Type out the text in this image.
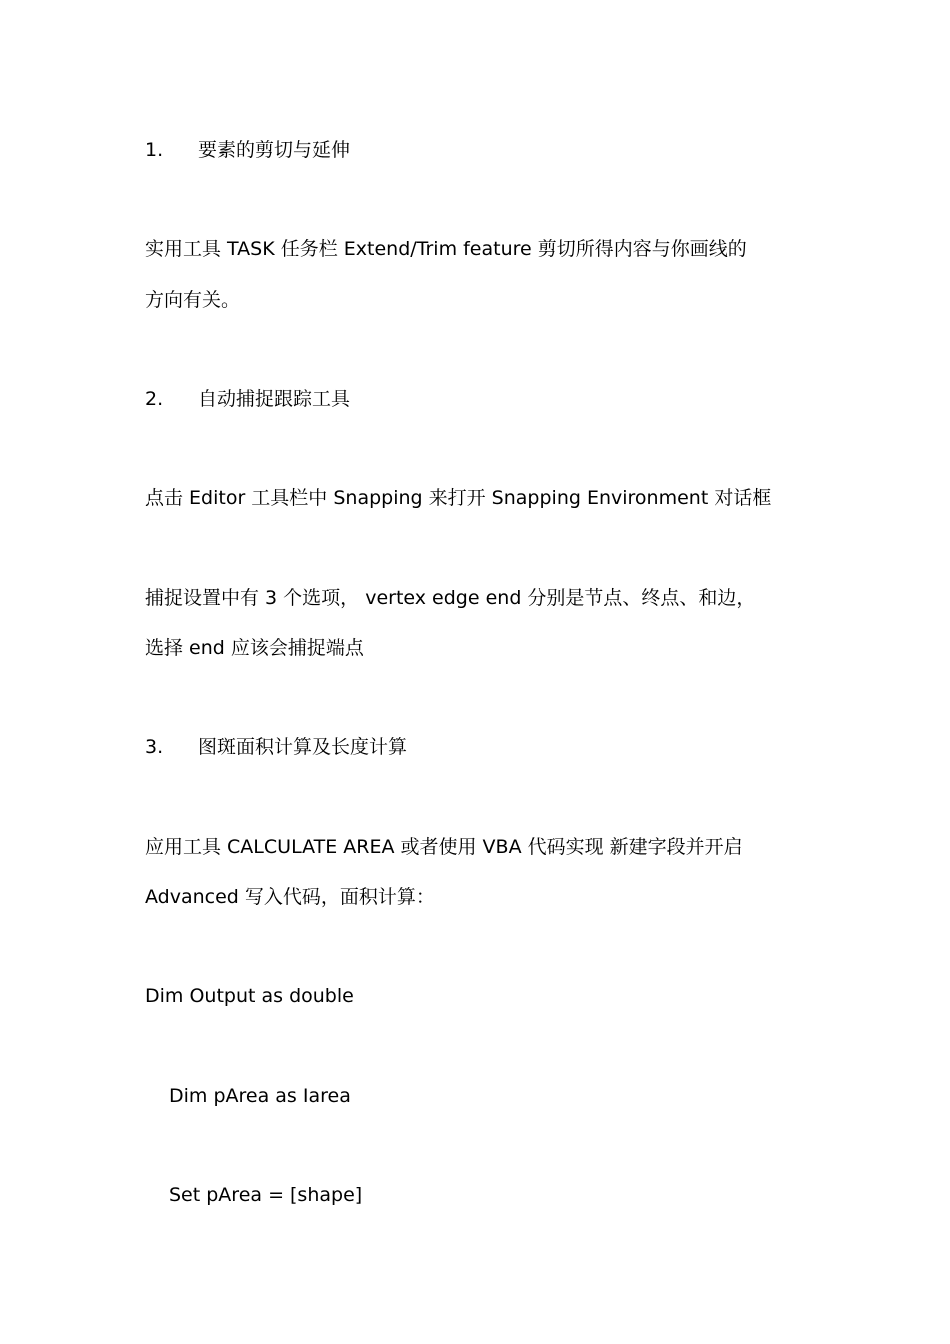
1. 要素的剪切与延伸
实用工具 TASK 任务栏 Extend/Trim feature 剪切所得内容与你画线的
方向有关。
2. 自动捕捉跟踪工具
点击 Editor 工具栏中 Snapping 来打开 Snapping Environment 对话框
捕捉设置中有 3 个选项， vertex edge end 分别是节点、终点、和边，
选择 end 应该会捕捉端点
3. 图斑面积计算及长度计算
应用工具 CALCULATE AREA 或者使用 VBA 代码实现 新建字段并开启
Advanced 写入代码，面积计算：
Dim Output as double
Dim pArea as Iarea
Set pArea = [shape]
